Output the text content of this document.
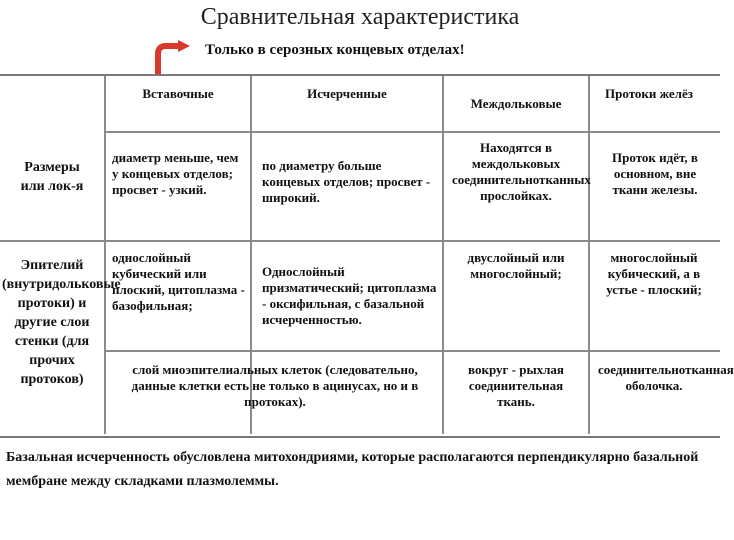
Сравнительная характеристика
Только в серозных концевых отделах!
Вставочные	Исчерченные
Междольковые
Протоки желёз
Размеры или лок-я
диаметр меньше, чем у концевых отделов; просвет - узкий.
по диаметру больше концевых отделов; просвет - широкий.
Находятся в междольковых соединительнотканных прослойках.
Проток идёт, в основном, вне ткани железы.
Эпителий (внутридольковые протоки) и другие слои стенки (для прочих протоков)
однослойный кубический или плоский, цитоплазма - базофильная;
Однослойный призматический; цитоплазма - оксифильная, с базальной исчерченностью.
двуслойный или многослойный;
многослойный кубический, а в устье - плоский;
слой миоэпителиальных клеток (следовательно, данные клетки есть не только в ацинусах, но и в протоках).
вокруг - рыхлая соединительная ткань.
соединительнотканная оболочка.
Базальная исчерченность обусловлена митохондриями, которые располагаются перпендикулярно базальной мембране между складками плазмолеммы.
